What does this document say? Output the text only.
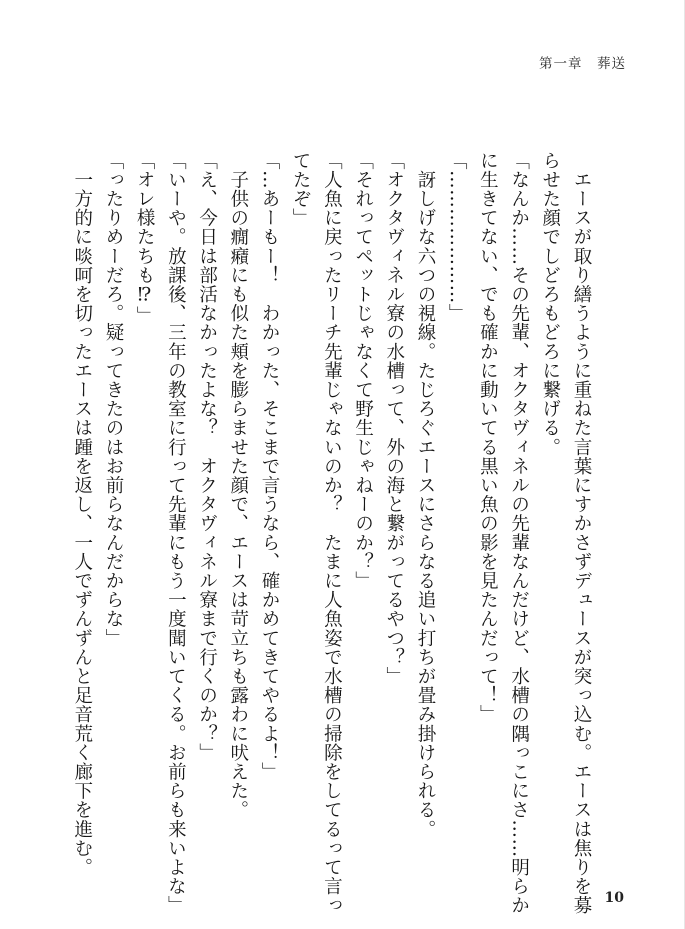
第一章　葬送
　エースが取り繕うように重ねた言葉にすかさずデュースが突っ込む。エースは焦りを募
らせた顔でしどろもどろに繋げる。
「なんか……その先輩、オクタヴィネルの先輩なんだけど、水槽の隅っこにさ……明らか
に生きてない、でも確かに動いてる黒い魚の影を見たんだって！」
「…………………」
　訝しげな六つの視線。たじろぐエースにさらなる追い打ちが畳み掛けられる。
「オクタヴィネル寮の水槽って、外の海と繋がってるやつ？」
「それってペットじゃなくて野生じゃねーのか？」
「人魚に戻ったリーチ先輩じゃないのか？　たまに人魚姿で水槽の掃除をしてるって言っ
てたぞ」
「…あーもー！　わかった、そこまで言うなら、確かめてきてやるよ！」
　子供の癇癪にも似た頬を膨らませた顔で、エースは苛立ちも露わに吠えた。
「え、今日は部活なかったよな？　オクタヴィネル寮まで行くのか？」
「いーや。放課後、三年の教室に行って先輩にもう一度聞いてくる。お前らも来いよな」
「オレ様たちも⁉」
「ったりめーだろ。疑ってきたのはお前らなんだからな」
　一方的に啖呵を切ったエースは踵を返し、一人でずんずんと足音荒く廊下を進む。
10
